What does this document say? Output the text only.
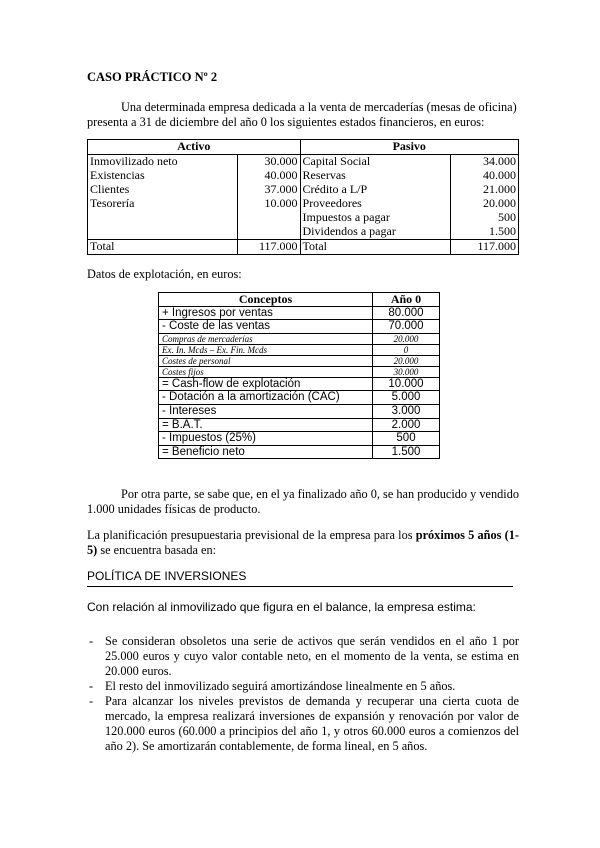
CASO PRÁCTICO Nº 2
Una determinada empresa dedicada a la venta de mercaderías (mesas de oficina)
presenta a 31 de diciembre del año 0 los siguientes estados financieros, en euros:
Activo		Pasivo	
Inmovilizado neto	30.000	Capital Social	34.000
Existencias	40.000	Reservas	40.000
Clientes	37.000	Crédito a L/P	21.000
Tesorería	10.000	Proveedores	20.000
		Impuestos a pagar	500
		Dividendos a pagar	1.500
Total	117.000	Total	117.000
Datos de explotación, en euros:
Conceptos	Año 0
+ Ingresos por ventas	80.000
- Coste de las ventas	70.000
Compras de mercaderías	20.000
Ex. In. Mcds – Ex. Fin. Mcds	0
Costes de personal	20.000
Costes fijos	30.000
= Cash-flow de explotación	10.000
- Dotación a la amortización (CAC)	5.000
- Intereses	3.000
= B.A.T.	2.000
- Impuestos (25%)	500
= Beneficio neto	1.500
Por otra parte, se sabe que, en el ya finalizado año 0, se han producido y vendido 1.000 unidades físicas de producto.
La planificación presupuestaria previsional de la empresa para los próximos 5 años (1-5) se encuentra basada en:
POLÍTICA DE INVERSIONES
Con relación al inmovilizado que figura en el balance, la empresa estima:
- Se consideran obsoletos una serie de activos que serán vendidos en el año 1 por 25.000 euros y cuyo valor contable neto, en el momento de la venta, se estima en 20.000 euros.
- El resto del inmovilizado seguirá amortizándose linealmente en 5 años.
- Para alcanzar los niveles previstos de demanda y recuperar una cierta cuota de mercado, la empresa realizará inversiones de expansión y renovación por valor de 120.000 euros (60.000 a principios del año 1, y otros 60.000 euros a comienzos del año 2). Se amortizarán contablemente, de forma lineal, en 5 años.
